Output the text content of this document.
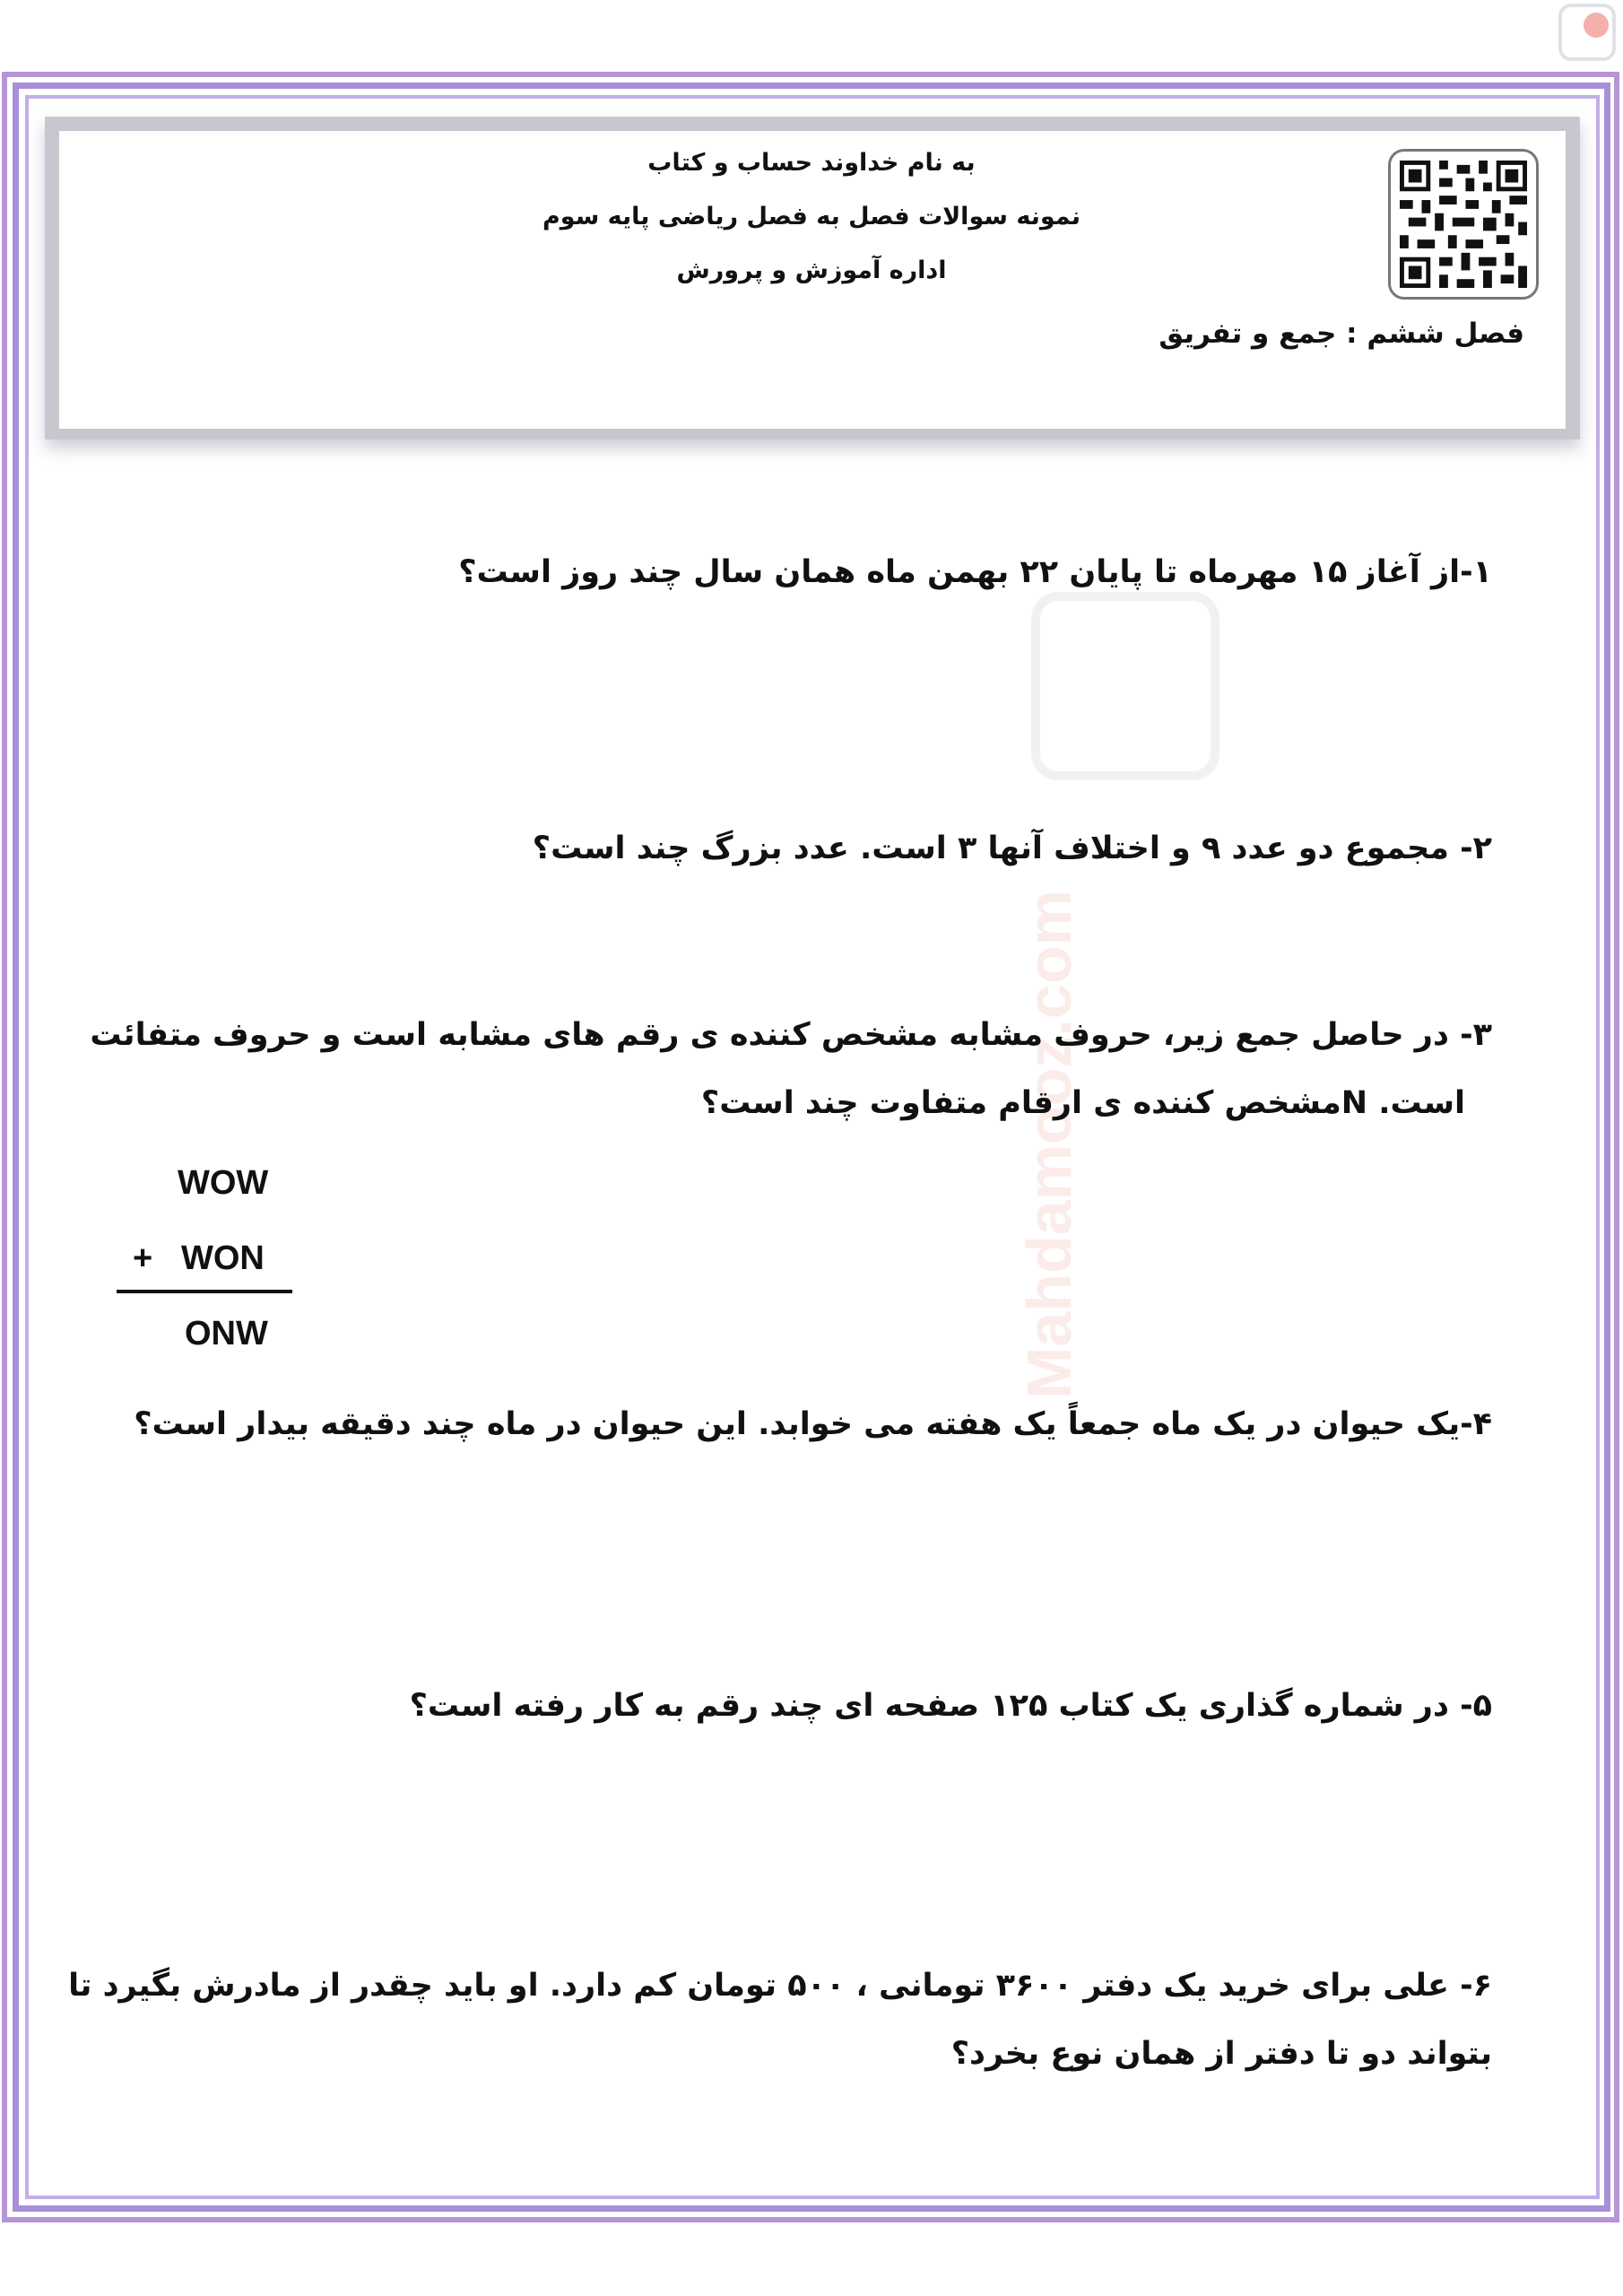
به نام خداوند حساب و کتاب
نمونه سوالات فصل به فصل ریاضی پایه سوم
اداره آموزش و پرورش
فصل ششم : جمع و تفریق
Mahdamooz.com

۱-از آغاز ۱۵ مهرماه تا پایان ۲۲ بهمن ماه همان سال چند روز است؟

۲- مجموع دو عدد ۹ و اختلاف آنها ۳ است. عدد بزرگ چند است؟

۳- در حاصل جمع زیر، حروف مشابه مشخص کننده ی رقم های مشابه است و حروف متفائت

است. Nمشخص کننده ی ارقام متفاوت چند است؟

WOW
+ WON
ONW

۴-یک حیوان در یک ماه جمعاً یک هفته می خوابد. این حیوان در ماه چند دقیقه بیدار است؟

۵- در شماره گذاری یک کتاب ۱۲۵ صفحه ای چند رقم به کار رفته است؟

۶- علی برای خرید یک دفتر ۳۶۰۰ تومانی ، ۵۰۰ تومان کم دارد. او باید چقدر از مادرش بگیرد تا

بتواند دو تا دفتر از همان نوع بخرد؟
